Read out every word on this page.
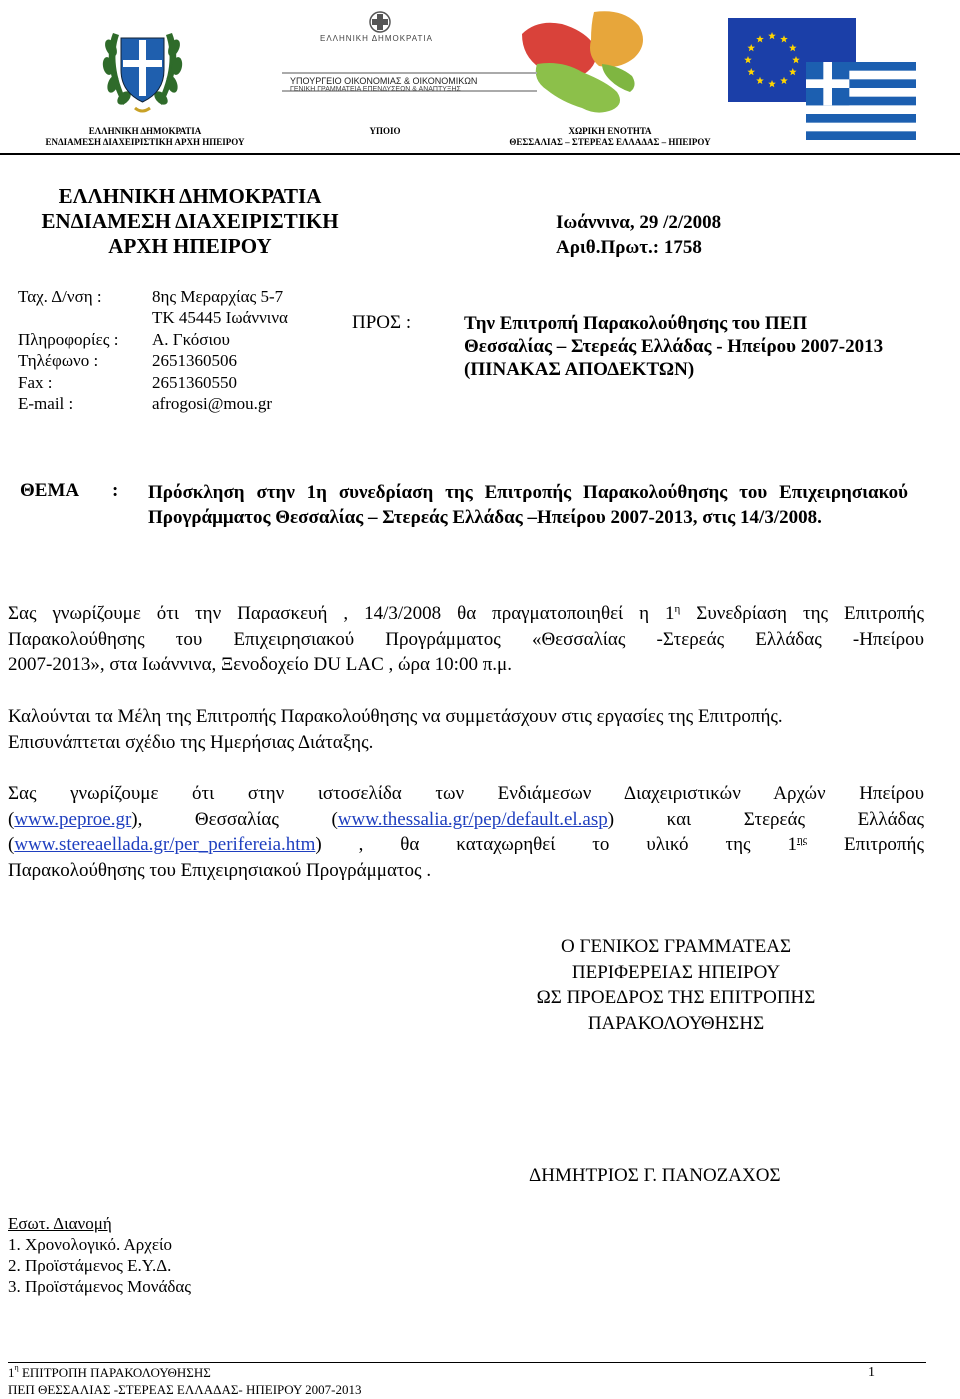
ΕΛΛΗΝΙΚΗ ΔΗΜΟΚΡΑΤΙΑ
ΕΝΔΙΑΜΕΣΗ ΔΙΑΧΕΙΡΙΣΤΙΚΗ ΑΡΧΗ ΗΠΕΙΡΟΥ
ΕΛΛΗΝΙΚΗ ΔΗΜΟΚΡΑΤΙΑ
ΥΠΟΥΡΓΕΙΟ ΟΙΚΟΝΟΜΙΑΣ & ΟΙΚΟΝΟΜΙΚΩΝ
ΓΕΝΙΚΗ ΓΡΑΜΜΑΤΕΙΑ ΕΠΕΝΔΥΣΕΩΝ & ΑΝΑΠΤΥΞΗΣ
ΥΠΟΙΟ	ΧΩΡΙΚΗ ΕΝΟΤΗΤΑ
ΘΕΣΣΑΛΙΑΣ – ΣΤΕΡΕΑΣ ΕΛΛΑΔΑΣ – ΗΠΕΙΡΟΥ
ΕΛΛΗΝΙΚΗ ΔΗΜΟΚΡΑΤΙΑ
ΕΝΔΙΑΜΕΣΗ ΔΙΑΧΕΙΡΙΣΤΙΚΗ
ΑΡΧΗ ΗΠΕΙΡΟΥ
Ιωάννινα, 29 /2/2008
Αριθ.Πρωτ.: 1758
Ταχ. Δ/νση :	8ης Μεραρχίας 5-7
ΤΚ 45445 Ιωάννινα
Πληροφορίες : Α. Γκόσιου
Τηλέφωνο :	2651360506
Fax :	2651360550
E-mail :	afrogosi@mou.gr
ΠΡΟΣ :	Την Επιτροπή Παρακολούθησης του ΠΕΠ
Θεσσαλίας – Στερεάς Ελλάδας - Ηπείρου 2007-2013
(ΠΙΝΑΚΑΣ ΑΠΟΔΕΚΤΩΝ)
ΘΕΜΑ : Πρόσκληση στην 1η συνεδρίαση της Επιτροπής Παρακολούθησης του Επιχειρησιακού
Προγράμματος Θεσσαλίας – Στερεάς Ελλάδας –Ηπείρου 2007-2013, στις 14/3/2008.
Σας γνωρίζουμε ότι την Παρασκευή , 14/3/2008 θα πραγματοποιηθεί η $1^\eta$ Συνεδρίαση της Επιτροπής
Παρακολούθησης του Επιχειρησιακού Προγράμματος «Θεσσαλίας -Στερεάς Ελλάδας -Ηπείρου
2007-2013», στα Ιωάννινα, Ξενοδοχείο DU LAC , ώρα 10:00 π.μ.
Καλούνται τα Μέλη της Επιτροπής Παρακολούθησης να συμμετάσχουν στις εργασίες της Επιτροπής.
Επισυνάπτεται σχέδιο της Ημερήσιας Διάταξης.
Σας γνωρίζουμε ότι στην ιστοσελίδα των Ενδιάμεσων Διαχειριστικών Αρχών Ηπείρου
(www.peproe.gr), Θεσσαλίας (www.thessalia.gr/pep/default.el.asp) και Στερεάς Ελλάδας
(www.stereaellada.gr/per_perifereia.htm) , θα καταχωρηθεί το υλικό της $1^{\eta\varsigma}$ Επιτροπής
Παρακολούθησης του Επιχειρησιακού Προγράμματος .
Ο ΓΕΝΙΚΟΣ ΓΡΑΜΜΑΤΕΑΣ
ΠΕΡΙΦΕΡΕΙΑΣ ΗΠΕΙΡΟΥ
ΩΣ ΠΡΟΕΔΡΟΣ ΤΗΣ ΕΠΙΤΡΟΠΗΣ
ΠΑΡΑΚΟΛΟΥΘΗΣΗΣ
ΔΗΜΗΤΡΙΟΣ Γ. ΠΑΝΟΖΑΧΟΣ
Εσωτ. Διανομή
1. Χρονολογικό. Αρχείο
2. Προϊστάμενος Ε.Υ.Δ.
3. Προϊστάμενος Μονάδας
$1^\eta$ ΕΠΙΤΡΟΠΗ ΠΑΡΑΚΟΛΟΥΘΗΣΗΣ
ΠΕΠ ΘΕΣΣΑΛΙΑΣ -ΣΤΕΡΕΑΣ ΕΛΛΑΔΑΣ- ΗΠΕΙΡΟΥ 2007-2013
1
